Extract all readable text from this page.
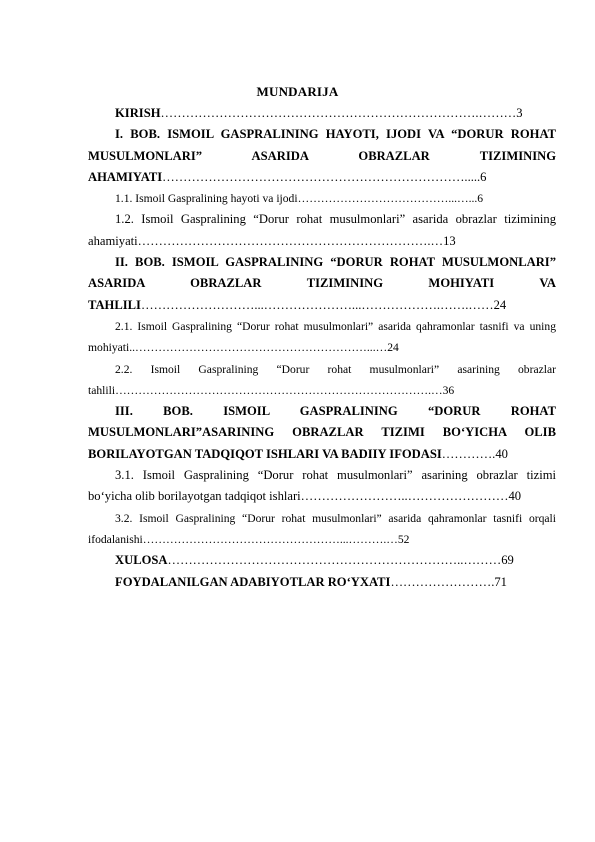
MUNDARIJA

KIRISH………………………………………………………………….………3

I. BOB. ISMOIL GASPRALINING HAYOTI, IJODI VA “DORUR ROHAT MUSULMONLARI” ASARIDA OBRAZLAR TIZIMINING AHAMIYATI……………………………………………………………….....6

1.1. Ismoil Gaspralining hayoti va ijodi…………………………………...…...6

1.2. Ismoil Gaspralining “Dorur rohat musulmonlari” asarida obrazlar tizimining ahamiyati…………………………………………………………….…13

II. BOB. ISMOIL GASPRALINING “DORUR ROHAT MUSULMONLARI” ASARIDA OBRAZLAR TIZIMINING MOHIYATI VA TAHLILI………………………...…………………...……………….…….……24

2.1. Ismoil Gaspralining “Dorur rohat musulmonlari” asarida qahramonlar tasnifi va uning mohiyati..……………………………………………………...…24

2.2. Ismoil Gaspralining “Dorur rohat musulmonlari” asarining obrazlar tahlili……………………………………………………………………….…36

III. BOB. ISMOIL GASPRALINING “DORUR ROHAT MUSULMONLARI”ASARINING OBRAZLAR TIZIMI BO‘YICHA OLIB BORILAYOTGAN TADQIQOT ISHLARI VA BADIIY IFODASI………….40

3.1. Ismoil Gaspralining “Dorur rohat musulmonlari” asarining obrazlar tizimi bo‘yicha olib borilayotgan tadqiqot ishlari……………………..……………………40

3.2. Ismoil Gaspralining “Dorur rohat musulmonlari” asarida qahramonlar tasnifi orqali ifodalanishi……………………………………………...……….…52

XULOSA……………………………………………………………..………69

FOYDALANILGAN ADABIYOTLAR RO‘YXATI…………………….71
